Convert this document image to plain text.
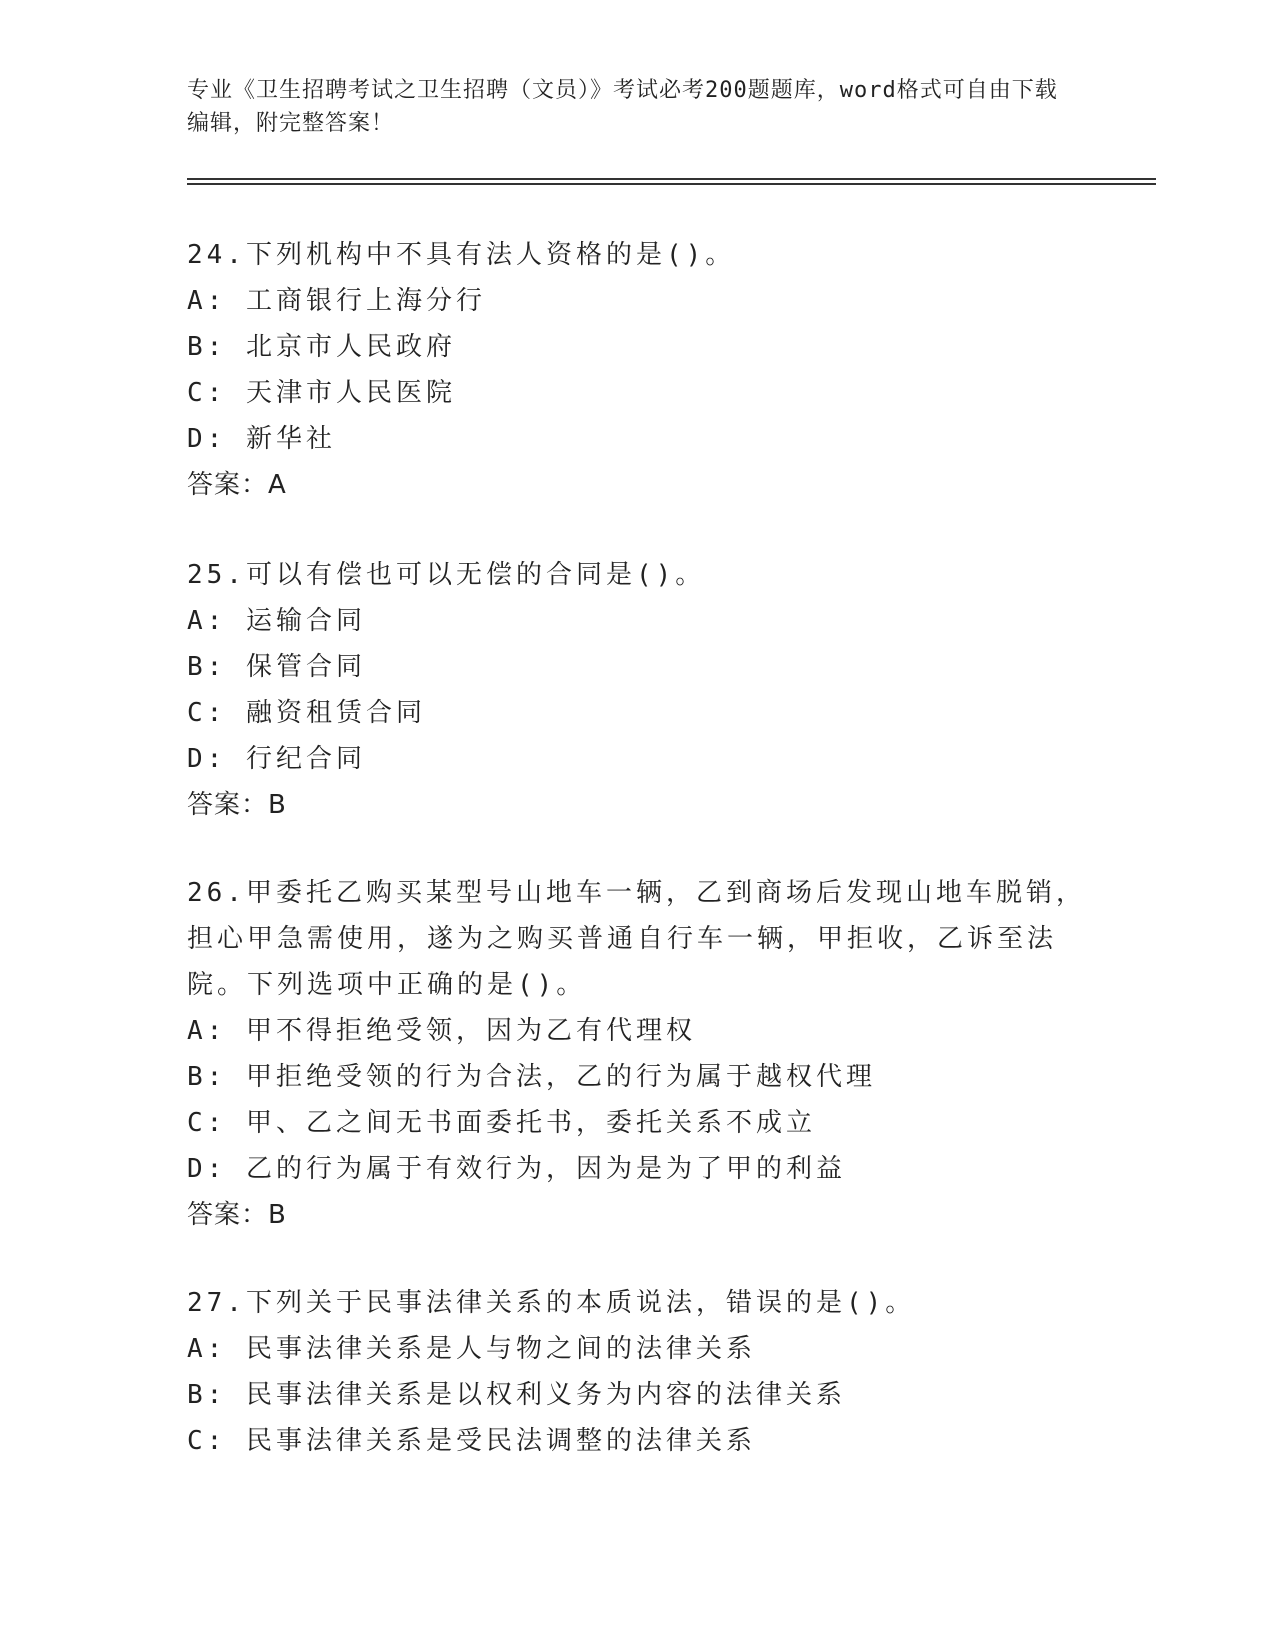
专业《卫生招聘考试之卫生招聘（文员）》考试必考200题题库，word格式可自由下载编辑，附完整答案！

24.下列机构中不具有法人资格的是()。

A: 工商银行上海分行

B: 北京市人民政府

C: 天津市人民医院

D: 新华社

答案：A

25.可以有偿也可以无偿的合同是()。

A: 运输合同

B: 保管合同

C: 融资租赁合同

D: 行纪合同

答案：B

26.甲委托乙购买某型号山地车一辆，乙到商场后发现山地车脱销，担心甲急需使用，遂为之购买普通自行车一辆，甲拒收，乙诉至法院。下列选项中正确的是()。

A: 甲不得拒绝受领，因为乙有代理权

B: 甲拒绝受领的行为合法，乙的行为属于越权代理

C: 甲、乙之间无书面委托书，委托关系不成立

D: 乙的行为属于有效行为，因为是为了甲的利益

答案：B

27.下列关于民事法律关系的本质说法，错误的是()。

A: 民事法律关系是人与物之间的法律关系

B: 民事法律关系是以权利义务为内容的法律关系

C: 民事法律关系是受民法调整的法律关系
